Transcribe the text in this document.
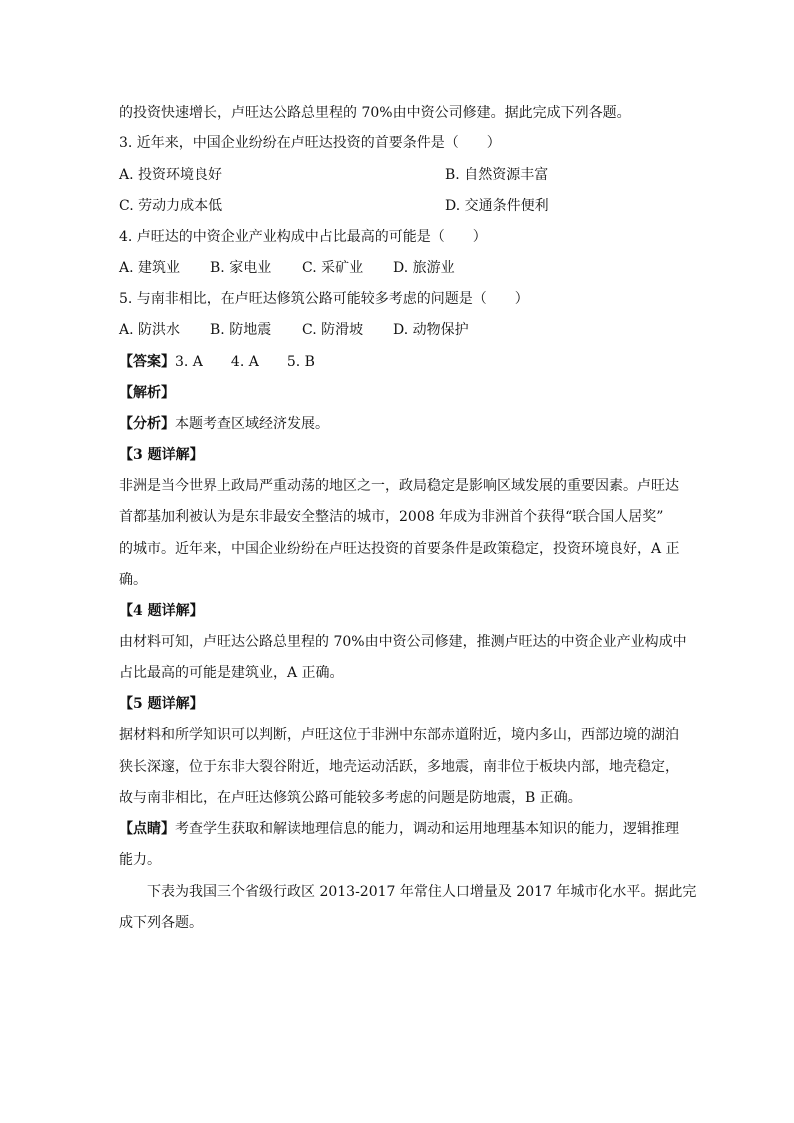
的投资快速增长，卢旺达公路总里程的 70%由中资公司修建。据此完成下列各题。
3. 近年来，中国企业纷纷在卢旺达投资的首要条件是（　　）
A. 投资环境良好	B. 自然资源丰富
C. 劳动力成本低	D. 交通条件便利
4. 卢旺达的中资企业产业构成中占比最高的可能是（　　）
A. 建筑业 B. 家电业 C. 采矿业 D. 旅游业
5. 与南非相比，在卢旺达修筑公路可能较多考虑的问题是（　　）
A. 防洪水 B. 防地震 C. 防滑坡 D. 动物保护
【答案】3. A　　4. A　　5. B
【解析】
【分析】本题考查区域经济发展。
【3 题详解】
非洲是当今世界上政局严重动荡的地区之一，政局稳定是影响区域发展的重要因素。卢旺达
首都基加利被认为是东非最安全整洁的城市，2008 年成为非洲首个获得“联合国人居奖”
的城市。近年来，中国企业纷纷在卢旺达投资的首要条件是政策稳定，投资环境良好，A 正
确。
【4 题详解】
由材料可知，卢旺达公路总里程的 70%由中资公司修建，推测卢旺达的中资企业产业构成中
占比最高的可能是建筑业，A 正确。
【5 题详解】
据材料和所学知识可以判断，卢旺这位于非洲中东部赤道附近，境内多山，西部边境的湖泊
狭长深邃，位于东非大裂谷附近，地壳运动活跃，多地震，南非位于板块内部，地壳稳定，
故与南非相比，在卢旺达修筑公路可能较多考虑的问题是防地震，B 正确。
【点睛】考查学生获取和解读地理信息的能力，调动和运用地理基本知识的能力，逻辑推理
能力。
下表为我国三个省级行政区 2013-2017 年常住人口增量及 2017 年城市化水平。据此完
成下列各题。
